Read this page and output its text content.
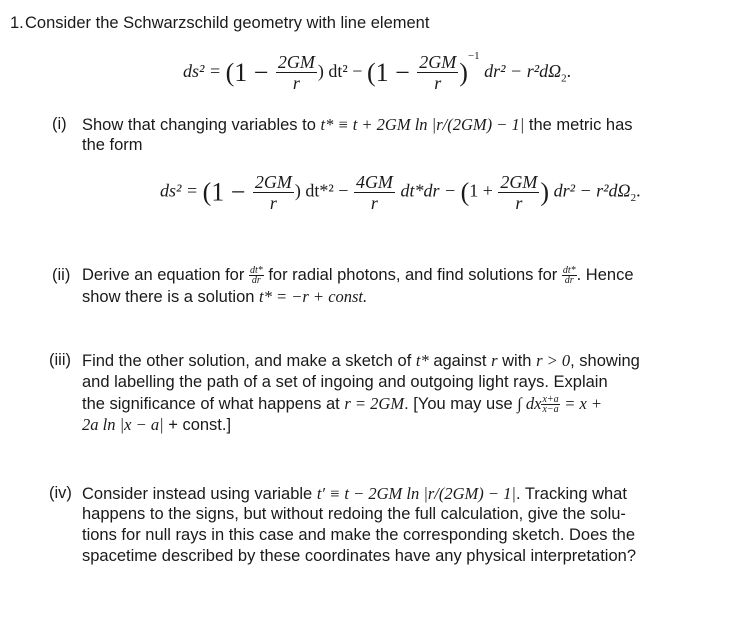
1. Consider the Schwarzschild geometry with line element
$ds^2 = (1 - \frac{2GM}{r}$ ) $dt^2 - (1 - \frac{2GM}{r} )^{-1}$ $dr^2 - r^2d\Omega_2$.
(i) Show that changing variables to t* ≡ t + 2GM ln |r/(2GM) − 1| the metric has
the form
$ds^2 = (1 - \frac{2GM}{r}$ ) $dt*^2 - \frac{4GM}{r} dt*dr - (1 + \frac{2GM}{r}$ ) $dr^2 - r^2d\Omega_2$.
(ii) Derive an equation for $\frac{dt*}{dr}$ for radial photons, and find solutions for $\frac{dt*}{dr}$ . Hence
show there is a solution t* = −r + const.
(iii) Find the other solution, and make a sketch of t* against r with r > 0, showing
and labelling the path of a set of ingoing and outgoing light rays. Explain
the significance of what happens at r = 2GM. [You may use ∫ dx $\frac{x+a}{x-a} = x$ +
2a ln |x − a| + const.]
(iv) Consider instead using variable t′ ≡ t − 2GM ln |r/(2GM) − 1|. Tracking what
happens to the signs, but without redoing the full calculation, give the solu-
tions for null rays in this case and make the corresponding sketch. Does the
spacetime described by these coordinates have any physical interpretation?
